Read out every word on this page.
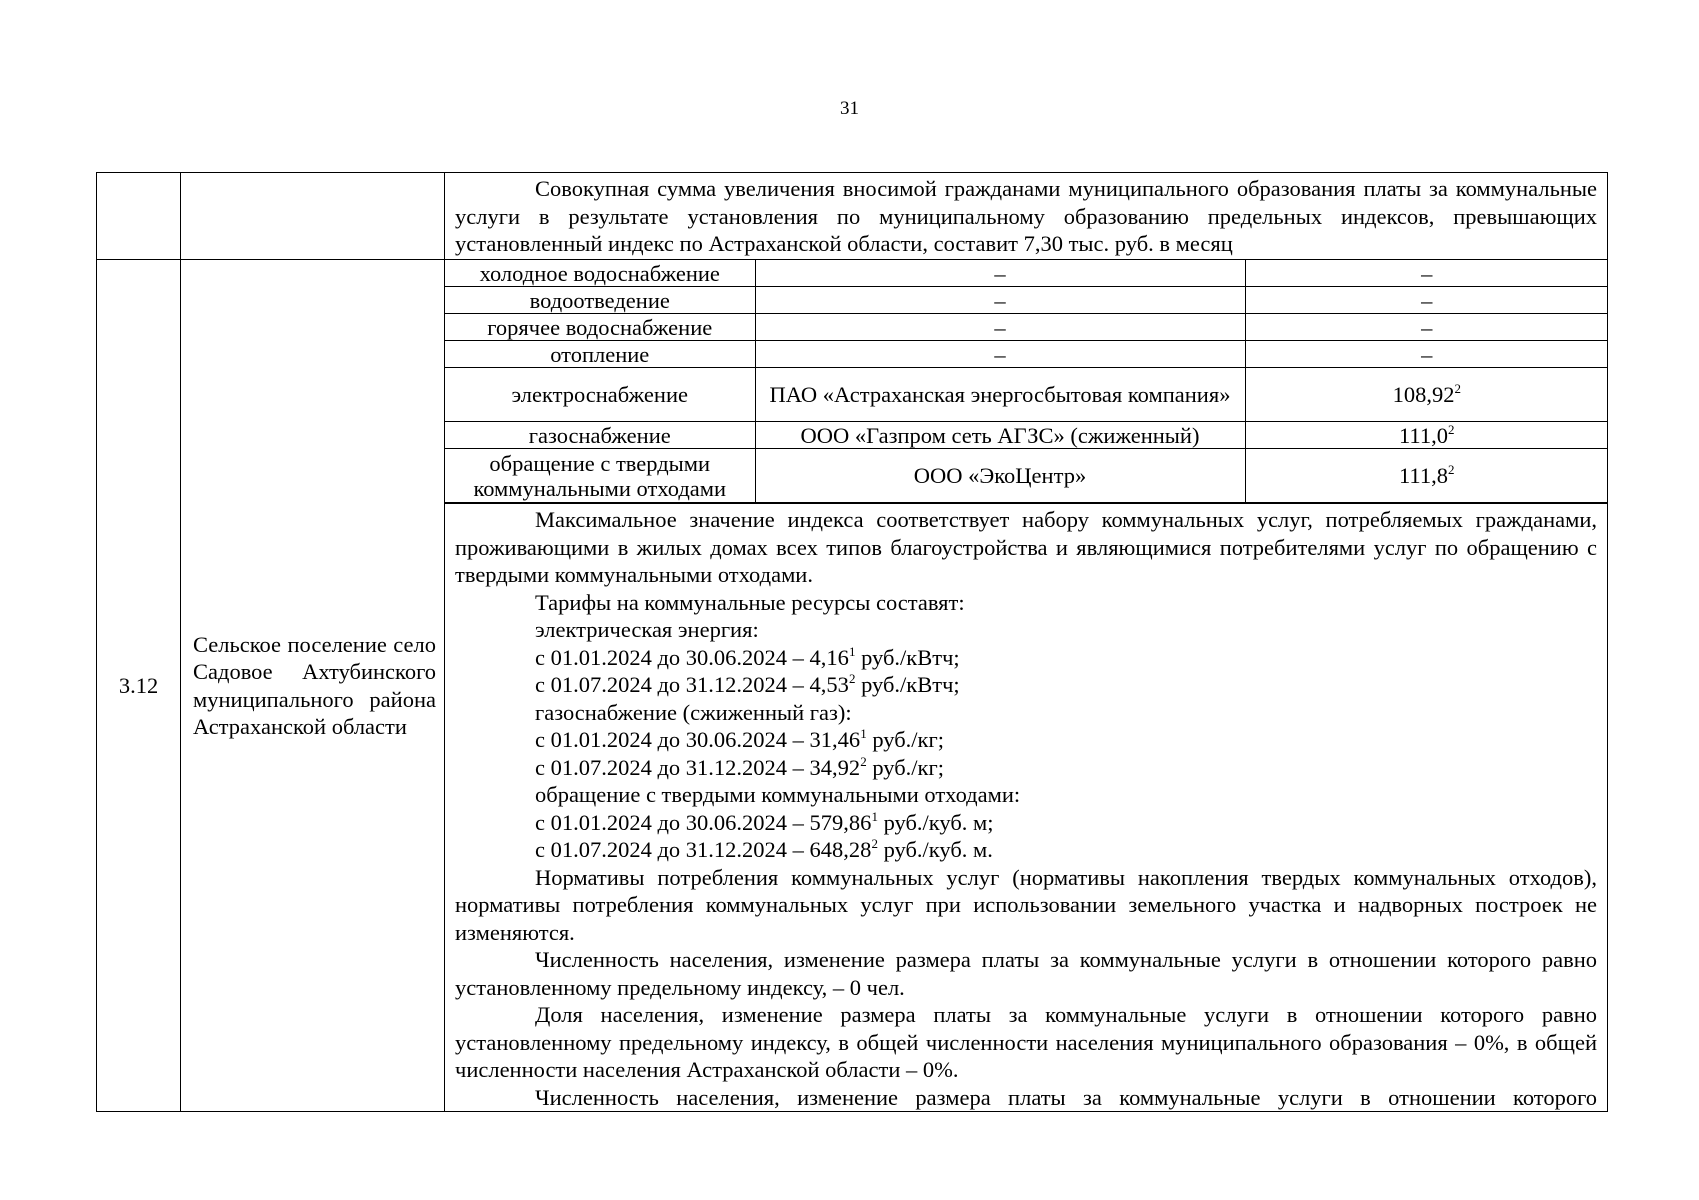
31

Совокупная сумма увеличения вносимой гражданами муниципального образования платы за коммунальные услуги в результате установления по муниципальному образованию предельных индексов, превышающих установленный индекс по Астраханской области, составит 7,30 тыс. руб. в месяц

3.12	
Сельское поселение село Садовое Ахтубинского муниципального района Астраханской области

холодное водоснабжение	–	–
водоотведение	–	–
горячее водоснабжение	–	–
отопление	–	–
электроснабжение	ПАО «Астраханская энергосбытовая компания»	108,92$^2$
газоснабжение	ООО «Газпром сеть АГЗС» (сжиженный)	111,0$^2$
обращение с твердыми коммунальными отходами	ООО «ЭкоЦентр»	111,8$^2$

Максимальное значение индекса соответствует набору коммунальных услуг, потребляемых гражданами, проживающими в жилых домах всех типов благоустройства и являющимися потребителями услуг по обращению с твердыми коммунальными отходами.

Тарифы на коммунальные ресурсы составят:

электрическая энергия:

с 01.01.2024 до 30.06.2024 – 4,16$^1$ руб./кВтч;

с 01.07.2024 до 31.12.2024 – 4,53$^2$ руб./кВтч;

газоснабжение (сжиженный газ):

с 01.01.2024 до 30.06.2024 – 31,46$^1$ руб./кг;

с 01.07.2024 до 31.12.2024 – 34,92$^2$ руб./кг;

обращение с твердыми коммунальными отходами:

с 01.01.2024 до 30.06.2024 – 579,86$^1$ руб./куб. м;

с 01.07.2024 до 31.12.2024 – 648,28$^2$ руб./куб. м.

Нормативы потребления коммунальных услуг (нормативы накопления твердых коммунальных отходов), нормативы потребления коммунальных услуг при использовании земельного участка и надворных построек не изменяются.

Численность населения, изменение размера платы за коммунальные услуги в отношении которого равно установленному предельному индексу, – 0 чел.

Доля населения, изменение размера платы за коммунальные услуги в отношении которого равно установленному предельному индексу, в общей численности населения муниципального образования – 0%, в общей численности населения Астраханской области – 0%.

Численность населения, изменение размера платы за коммунальные услуги в отношении которого
